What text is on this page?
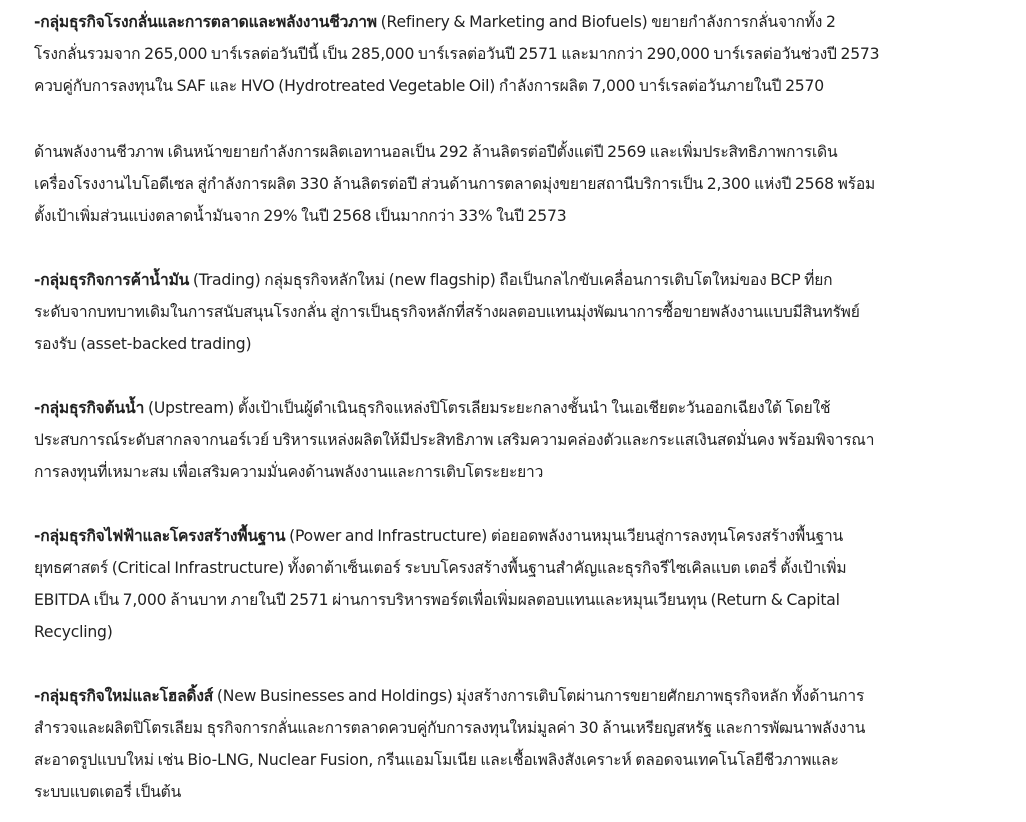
-กลุ่มธุรกิจโรงกลั่นและการตลาดและพลังงานชีวภาพ (Refinery & Marketing and Biofuels) ขยายกำลังการกลั่นจากทั้ง 2
โรงกลั่นรวมจาก 265,000 บาร์เรลต่อวันปีนี้ เป็น 285,000 บาร์เรลต่อวันปี 2571 และมากกว่า 290,000 บาร์เรลต่อวันช่วงปี 2573
ควบคู่กับการลงทุนใน SAF และ HVO (Hydrotreated Vegetable Oil) กำลังการผลิต 7,000 บาร์เรลต่อวันภายในปี 2570

ด้านพลังงานชีวภาพ เดินหน้าขยายกำลังการผลิตเอทานอลเป็น 292 ล้านลิตรต่อปีตั้งแต่ปี 2569 และเพิ่มประสิทธิภาพการเดิน
เครื่องโรงงานไบโอดีเซล สู่กำลังการผลิต 330 ล้านลิตรต่อปี ส่วนด้านการตลาดมุ่งขยายสถานีบริการเป็น 2,300 แห่งปี 2568 พร้อม
ตั้งเป้าเพิ่มส่วนแบ่งตลาดน้ำมันจาก 29% ในปี 2568 เป็นมากกว่า 33% ในปี 2573

-กลุ่มธุรกิจการค้าน้ำมัน (Trading) กลุ่มธุรกิจหลักใหม่ (new flagship) ถือเป็นกลไกขับเคลื่อนการเติบโตใหม่ของ BCP ที่ยก
ระดับจากบทบาทเดิมในการสนับสนุนโรงกลั่น สู่การเป็นธุรกิจหลักที่สร้างผลตอบแทนมุ่งพัฒนาการซื้อขายพลังงานแบบมีสินทรัพย์
รองรับ (asset-backed trading)

-กลุ่มธุรกิจต้นน้ำ (Upstream) ตั้งเป้าเป็นผู้ดำเนินธุรกิจแหล่งปิโตรเลียมระยะกลางชั้นนำ ในเอเชียตะวันออกเฉียงใต้ โดยใช้
ประสบการณ์ระดับสากลจากนอร์เวย์ บริหารแหล่งผลิตให้มีประสิทธิภาพ เสริมความคล่องตัวและกระแสเงินสดมั่นคง พร้อมพิจารณา
การลงทุนที่เหมาะสม เพื่อเสริมความมั่นคงด้านพลังงานและการเติบโตระยะยาว

-กลุ่มธุรกิจไฟฟ้าและโครงสร้างพื้นฐาน (Power and Infrastructure) ต่อยอดพลังงานหมุนเวียนสู่การลงทุนโครงสร้างพื้นฐาน
ยุทธศาสตร์ (Critical Infrastructure) ทั้งดาต้าเซ็นเตอร์ ระบบโครงสร้างพื้นฐานสำคัญและธุรกิจรีไซเคิลแบต เตอรี่ ตั้งเป้าเพิ่ม
EBITDA เป็น 7,000 ล้านบาท ภายในปี 2571 ผ่านการบริหารพอร์ตเพื่อเพิ่มผลตอบแทนและหมุนเวียนทุน (Return & Capital
Recycling)

-กลุ่มธุรกิจใหม่และโฮลดิ้งส์ (New Businesses and Holdings) มุ่งสร้างการเติบโตผ่านการขยายศักยภาพธุรกิจหลัก ทั้งด้านการ
สำรวจและผลิตปิโตรเลียม ธุรกิจการกลั่นและการตลาดควบคู่กับการลงทุนใหม่มูลค่า 30 ล้านเหรียญสหรัฐ และการพัฒนาพลังงาน
สะอาดรูปแบบใหม่ เช่น Bio-LNG, Nuclear Fusion, กรีนแอมโมเนีย และเชื้อเพลิงสังเคราะห์ ตลอดจนเทคโนโลยีชีวภาพและ
ระบบแบตเตอรี่ เป็นต้น
